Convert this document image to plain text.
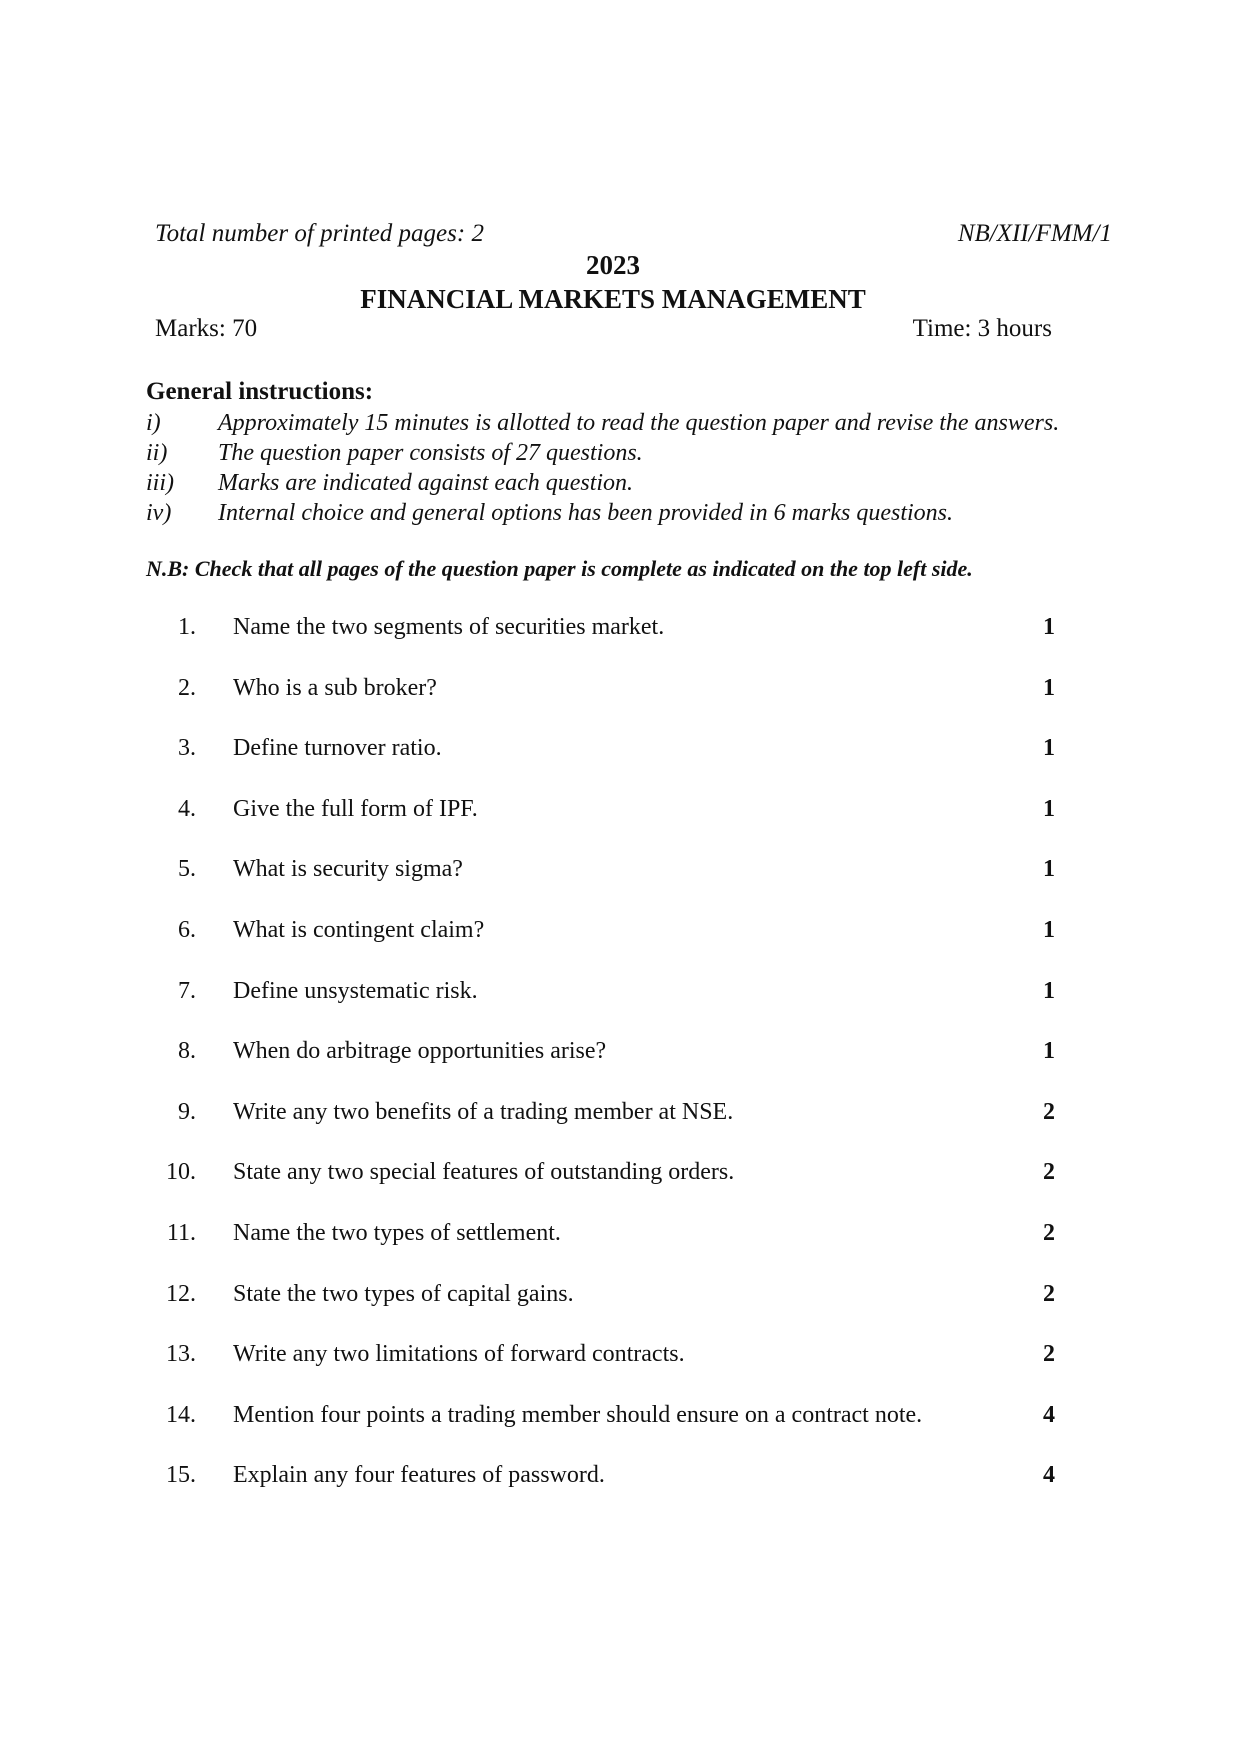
Total number of printed pages: 2	NB/XII/FMM/1
2023
FINANCIAL MARKETS MANAGEMENT
Marks: 70	Time: 3 hours
General instructions:
i)	Approximately 15 minutes is allotted to read the question paper and revise the answers.
ii)	The question paper consists of 27 questions.
iii)	Marks are indicated against each question.
iv)	Internal choice and general options has been provided in 6 marks questions.
N.B: Check that all pages of the question paper is complete as indicated on the top left side.
1. Name the two segments of securities market.	1
2. Who is a sub broker?	1
3. Define turnover ratio.	1
4. Give the full form of IPF.	1
5. What is security sigma?	1
6. What is contingent claim?	1
7. Define unsystematic risk.	1
8. When do arbitrage opportunities arise?	1
9. Write any two benefits of a trading member at NSE.	2
10. State any two special features of outstanding orders.	2
11. Name the two types of settlement.	2
12. State the two types of capital gains.	2
13. Write any two limitations of forward contracts.	2
14. Mention four points a trading member should ensure on a contract note.	4
15. Explain any four features of password.	4
